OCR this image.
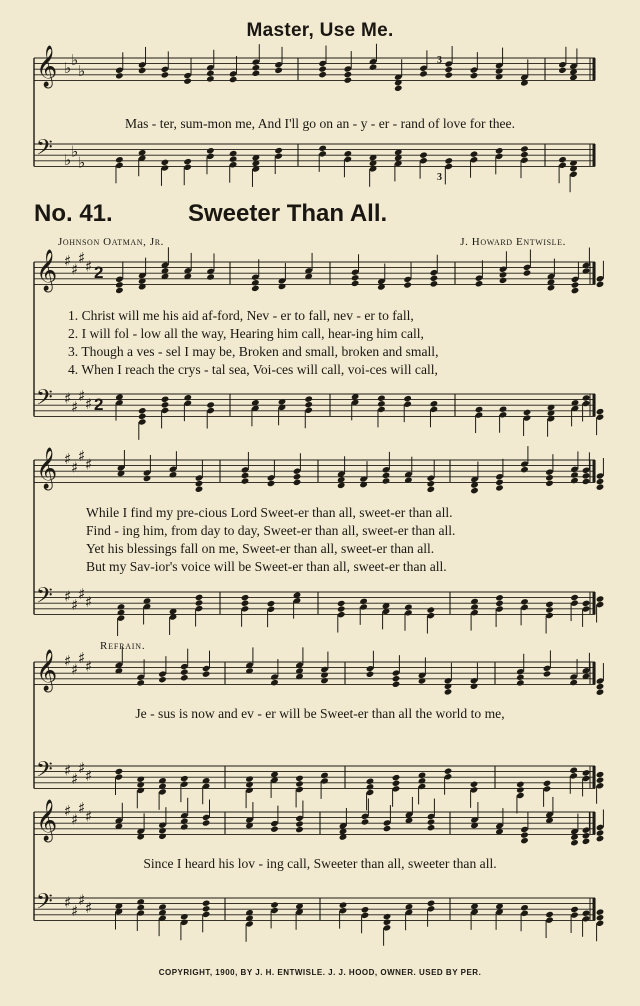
Master, Use Me.
𝄞 ♭ ♭
♭
𝄢 ♭ ♭
♭
3
Mas - ter, sum-mon me, And I'll go on an - y - er - rand of love for thee.
3
No. 41.	Sweeter Than All.
Johnson Oatman, Jr.	J. Howard Entwisle.
𝄞 ♯ ♯
♯ ♯
𝄢 ♯ ♯
♯ ♯
2
2
1. Christ will me his aid af-ford, Nev - er to fall, nev - er to fall,
2. I will fol - low all the way, Hearing him call, hear-ing him call,
3. Though a ves - sel I may be, Broken and small, broken and small,
4. When I reach the crys - tal sea, Voi-ces will call, voi-ces will call,
𝄞 ♯ ♯
♯ ♯
𝄢 ♯ ♯
♯ ♯
While I find my pre-cious Lord Sweet-er than all, sweet-er than all.
Find - ing him, from day to day, Sweet-er than all, sweet-er than all.
Yet his blessings fall on me, Sweet-er than all, sweet-er than all.
But my Sav-ior's voice will be Sweet-er than all, sweet-er than all.
Refrain.
𝄞 ♯ ♯
♯ ♯
𝄢 ♯ ♯
♯ ♯
Je - sus is now and ev - er will be Sweet-er than all the world to me,
𝄞 ♯ ♯
♯ ♯
𝄢 ♯ ♯
♯ ♯
Since I heard his lov - ing call, Sweeter than all, sweeter than all.
COPYRIGHT, 1900, BY J. H. ENTWISLE. J. J. HOOD, OWNER. USED BY PER.
